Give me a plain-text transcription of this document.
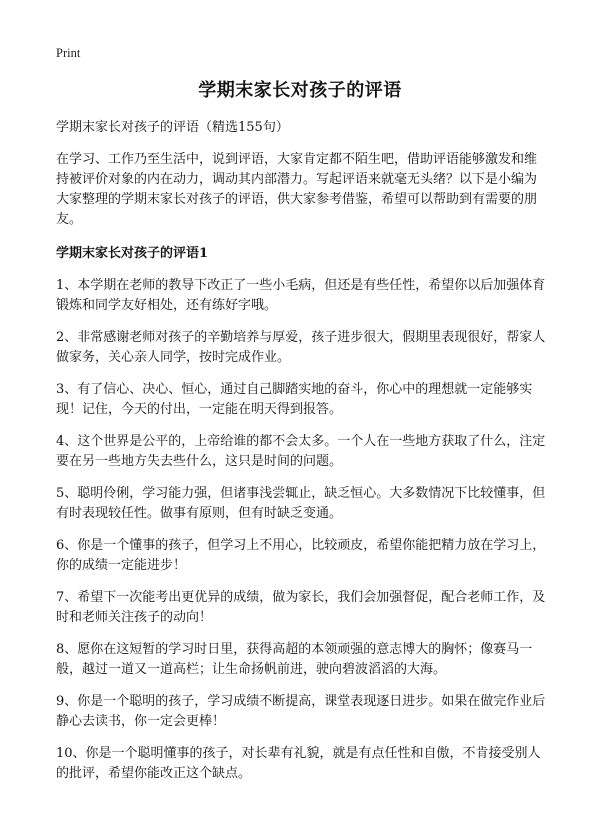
Print
学期末家长对孩子的评语

学期末家长对孩子的评语（精选155句）

在学习、工作乃至生活中，说到评语，大家肯定都不陌生吧，借助评语能够激发和维持被评价对象的内在动力，调动其内部潜力。写起评语来就毫无头绪？以下是小编为大家整理的学期末家长对孩子的评语，供大家参考借鉴，希望可以帮助到有需要的朋友。

学期末家长对孩子的评语1
1、本学期在老师的教导下改正了一些小毛病，但还是有些任性，希望你以后加强体育锻炼和同学友好相处，还有练好字哦。
2、非常感谢老师对孩子的辛勤培养与厚爱，孩子进步很大，假期里表现很好，帮家人做家务，关心亲人同学，按时完成作业。
3、有了信心、决心、恒心，通过自己脚踏实地的奋斗，你心中的理想就一定能够实现！记住，今天的付出，一定能在明天得到报答。
4、这个世界是公平的，上帝给谁的都不会太多。一个人在一些地方获取了什么，注定要在另一些地方失去些什么，这只是时间的问题。
5、聪明伶俐，学习能力强，但诸事浅尝辄止，缺乏恒心。大多数情况下比较懂事，但有时表现较任性。做事有原则，但有时缺乏变通。
6、你是一个懂事的孩子，但学习上不用心，比较顽皮，希望你能把精力放在学习上，你的成绩一定能进步！
7、希望下一次能考出更优异的成绩，做为家长，我们会加强督促，配合老师工作，及时和老师关注孩子的动向！
8、愿你在这短暂的学习时日里，获得高超的本领顽强的意志博大的胸怀；像赛马一般，越过一道又一道高栏；让生命扬帆前进，驶向碧波滔滔的大海。
9、你是一个聪明的孩子，学习成绩不断提高，课堂表现逐日进步。如果在做完作业后静心去读书，你一定会更棒！
10、你是一个聪明懂事的孩子，对长辈有礼貌，就是有点任性和自傲，不肯接受别人的批评，希望你能改正这个缺点。
